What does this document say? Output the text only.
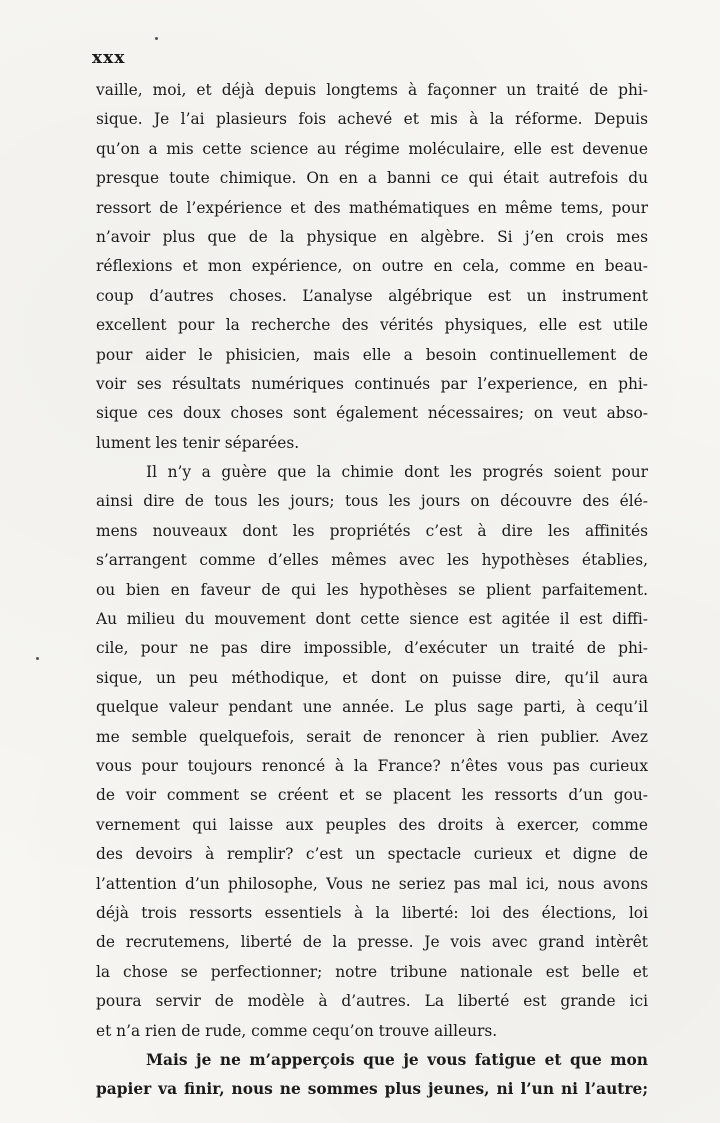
xxx
vaille, moi, et déjà depuis longtems à façonner un traité de phi-
sique. Je l’ai plasieurs fois achevé et mis à la réforme. Depuis
qu’on a mis cette science au régime moléculaire, elle est devenue
presque toute chimique. On en a banni ce qui était autrefois du
ressort de l’expérience et des mathématiques en même tems, pour
n’avoir plus que de la physique en algèbre. Si j’en crois mes
réflexions et mon expérience, on outre en cela, comme en beau-
coup d’autres choses. L’analyse algébrique est un instrument
excellent pour la recherche des vérités physiques, elle est utile
pour aider le phisicien, mais elle a besoin continuellement de
voir ses résultats numériques continués par l’experience, en phi-
sique ces doux choses sont également nécessaires; on veut abso-
lument les tenir séparées.
Il n’y a guère que la chimie dont les progrés soient pour
ainsi dire de tous les jours; tous les jours on découvre des élé-
mens nouveaux dont les propriétés c’est à dire les affinités
s’arrangent comme d’elles mêmes avec les hypothèses établies,
ou bien en faveur de qui les hypothèses se plient parfaitement.
Au milieu du mouvement dont cette sience est agitée il est diffi-
cile, pour ne pas dire impossible, d’exécuter un traité de phi-
sique, un peu méthodique, et dont on puisse dire, qu’il aura
quelque valeur pendant une année. Le plus sage parti, à cequ’il
me semble quelquefois, serait de renoncer à rien publier. Avez
vous pour toujours renoncé à la France? n’êtes vous pas curieux
de voir comment se créent et se placent les ressorts d’un gou-
vernement qui laisse aux peuples des droits à exercer, comme
des devoirs à remplir? c’est un spectacle curieux et digne de
l’attention d’un philosophe, Vous ne seriez pas mal ici, nous avons
déjà trois ressorts essentiels à la liberté: loi des élections, loi
de recrutemens, liberté de la presse. Je vois avec grand intèrêt
la chose se perfectionner; notre tribune nationale est belle et
poura servir de modèle à d’autres. La liberté est grande ici
et n’a rien de rude, comme cequ’on trouve ailleurs.
Mais je ne m’apperçois que je vous fatigue et que mon
papier va finir, nous ne sommes plus jeunes, ni l’un ni l’autre;
